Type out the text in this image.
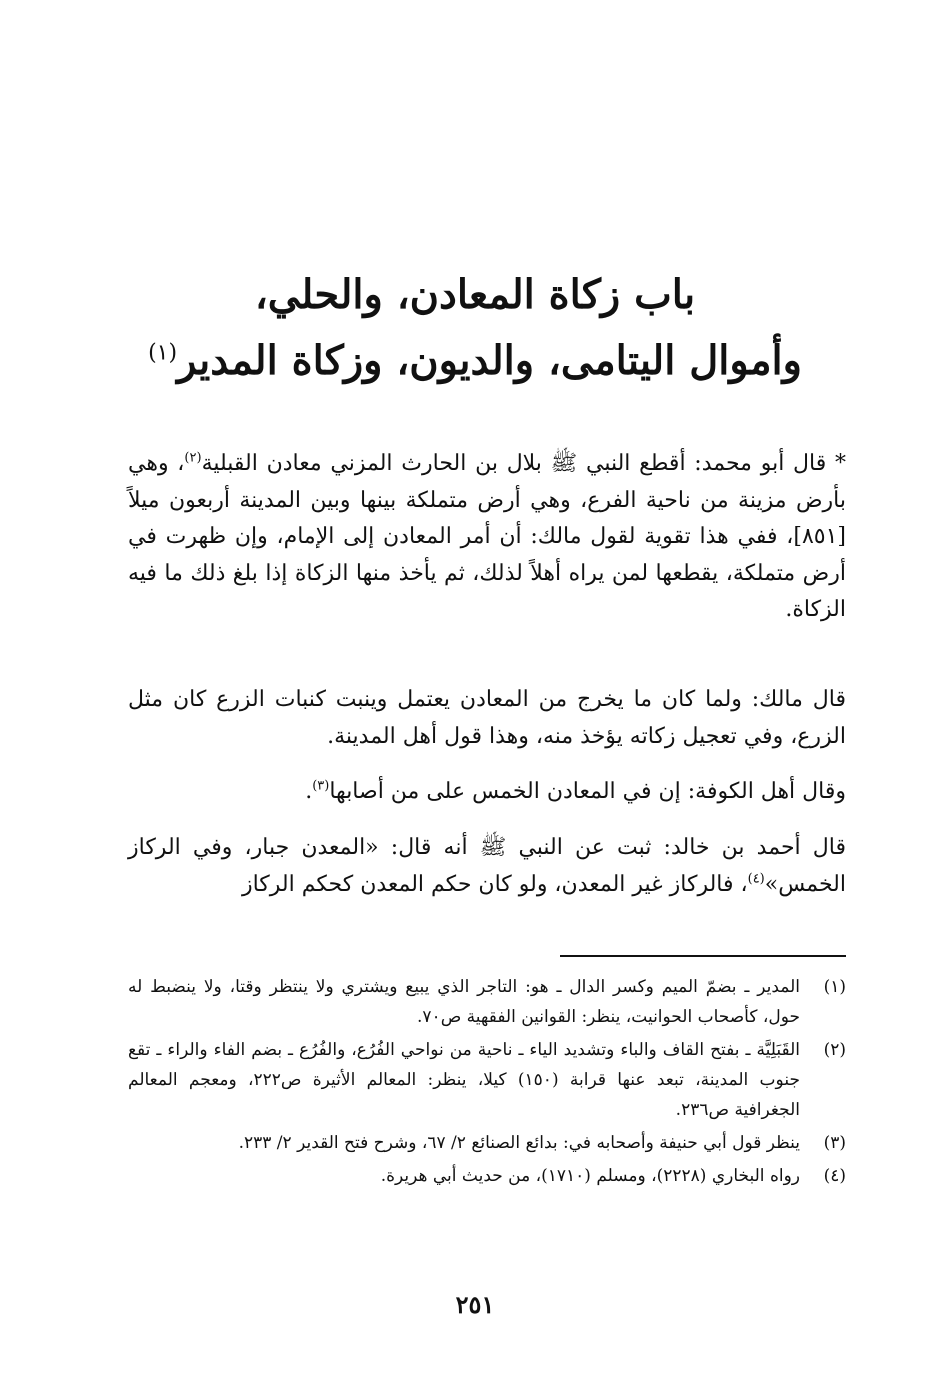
باب زكاة المعادن، والحلي،
وأموال اليتامى، والديون، وزكاة المدير$^{(١)}$

* قال أبو محمد: أقطع النبي ﷺ بلال بن الحارث المزني معادن القبلية$^{(٢)}$، وهي بأرض مزينة من ناحية الفرع، وهي أرض متملكة بينها وبين المدينة أربعون ميلاً [٨٥١]، ففي هذا تقوية لقول مالك: أن أمر المعادن إلى الإمام، وإن ظهرت في أرض متملكة، يقطعها لمن يراه أهلاً لذلك، ثم يأخذ منها الزكاة إذا بلغ ذلك ما فيه الزكاة.

قال مالك: ولما كان ما يخرج من المعادن يعتمل وينبت كنبات الزرع كان مثل الزرع، وفي تعجيل زكاته يؤخذ منه، وهذا قول أهل المدينة.

وقال أهل الكوفة: إن في المعادن الخمس على من أصابها$^{(٣)}$.

قال أحمد بن خالد: ثبت عن النبي ﷺ أنه قال: «المعدن جبار، وفي الركاز الخمس»$^{(٤)}$، فالركاز غير المعدن، ولو كان حكم المعدن كحكم الركاز

(١)
المدير ـ بضمّ الميم وكسر الدال ـ هو: التاجر الذي يبيع ويشتري ولا ينتظر وقتا، ولا ينضبط له حول، كأصحاب الحوانيت، ينظر: القوانين الفقهية ص٧٠.
(٢)
القَبَلِيَّة ـ بفتح القاف والباء وتشديد الياء ـ ناحية من نواحي الفُرُع، والفُرُع ـ بضم الفاء والراء ـ تقع جنوب المدينة، تبعد عنها قرابة (١٥٠) كيلا، ينظر: المعالم الأثيرة ص٢٢٢، ومعجم المعالم الجغرافية ص٢٣٦.
(٣)
ينظر قول أبي حنيفة وأصحابه في: بدائع الصنائع ٢/ ٦٧، وشرح فتح القدير ٢/ ٢٣٣.
(٤)
رواه البخاري (٢٢٢٨)، ومسلم (١٧١٠)، من حديث أبي هريرة.
٢٥١
